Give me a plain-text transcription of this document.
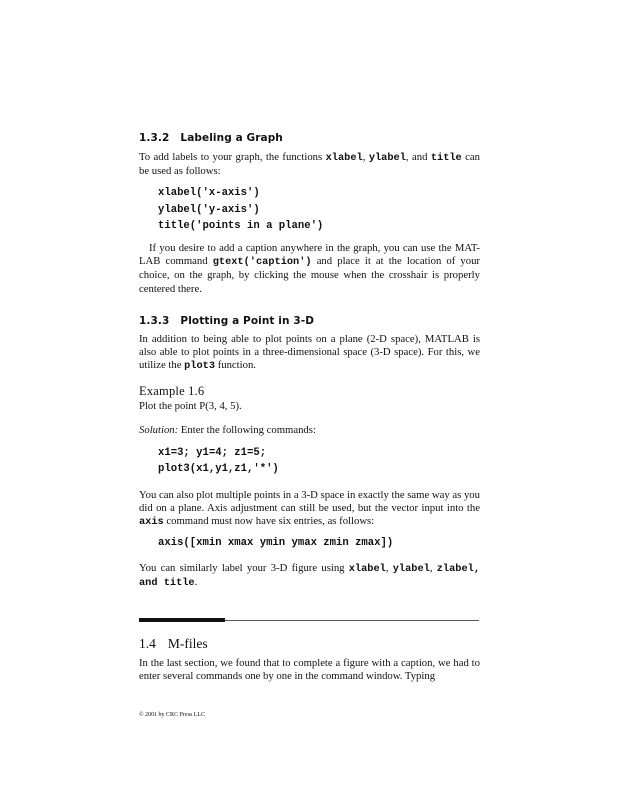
1.3.2 Labeling a Graph

To add labels to your graph, the functions xlabel, ylabel, and title can be used as follows:

xlabel('x-axis')
ylabel('y-axis')
title('points in a plane')

If you desire to add a caption anywhere in the graph, you can use the MAT-LAB command gtext('caption') and place it at the location of your choice, on the graph, by clicking the mouse when the crosshair is properly centered there.

1.3.3 Plotting a Point in 3-D

In addition to being able to plot points on a plane (2-D space), MATLAB is also able to plot points in a three-dimensional space (3-D space). For this, we utilize the plot3 function.

Example 1.6

Plot the point P(3, 4, 5).

Solution: Enter the following commands:

x1=3; y1=4; z1=5;
plot3(x1,y1,z1,'*')

You can also plot multiple points in a 3-D space in exactly the same way as you did on a plane. Axis adjustment can still be used, but the vector input into the axis command must now have six entries, as follows:

axis([xmin xmax ymin ymax zmin zmax])

You can similarly label your 3-D figure using xlabel, ylabel, zlabel, and title.

1.4 M-files

In the last section, we found that to complete a figure with a caption, we had to enter several commands one by one in the command window. Typing

© 2001 by CRC Press LLC
